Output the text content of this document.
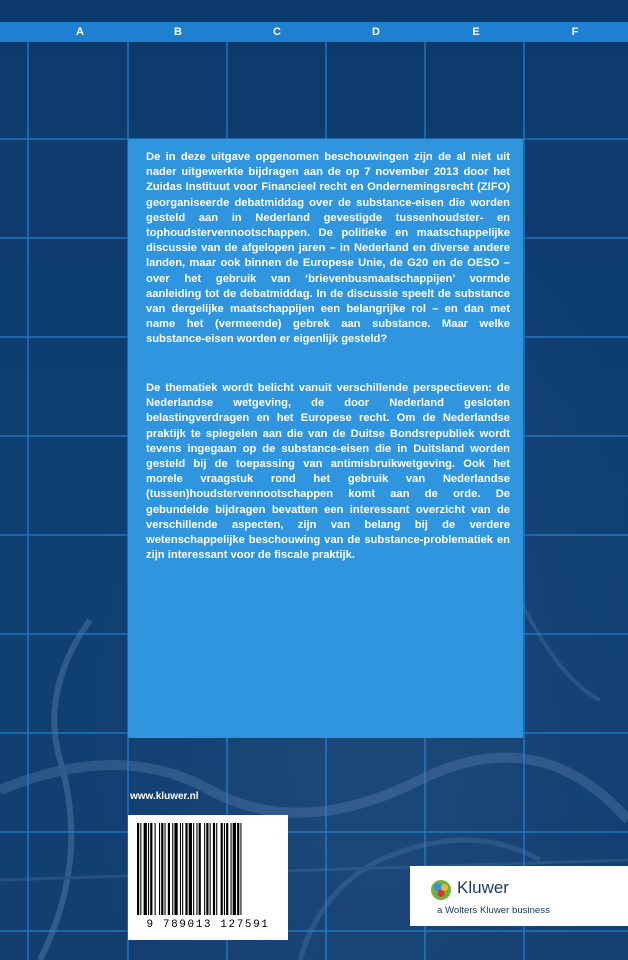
A	B	C	D	E	F

De in deze uitgave opgenomen beschouwingen zijn de al niet uit nader uitgewerkte bijdragen aan de op 7 november 2013 door het Zuidas Instituut voor Financieel recht en Ondernemingsrecht (ZIFO) georganiseerde debatmiddag over de substance-eisen die worden gesteld aan in Nederland gevestigde tussenhoudster- en tophoudstervennootschappen. De politieke en maatschappelijke discussie van de afgelopen jaren – in Nederland en diverse andere landen, maar ook binnen de Europese Unie, de G20 en de OESO – over het gebruik van ‘brievenbusmaatschappijen’ vormde aanleiding tot de debatmiddag. In de discussie speelt de substance van dergelijke maatschappijen een belangrijke rol – en dan met name het (vermeende) gebrek aan substance. Maar welke substance-eisen worden er eigenlijk gesteld?

De thematiek wordt belicht vanuit verschillende perspectieven: de Nederlandse wetgeving, de door Nederland gesloten belastingverdragen en het Europese recht. Om de Nederlandse praktijk te spiegelen aan die van de Duitse Bondsrepubliek wordt tevens ingegaan op de substance-eisen die in Duitsland worden gesteld bij de toepassing van antimisbruikwetgeving. Ook het morele vraagstuk rond het gebruik van Nederlandse (tussen)houdstervennootschappen komt aan de orde. De gebundelde bijdragen bevatten een interessant overzicht van de verschillende aspecten, zijn van belang bij de verdere wetenschappelijke beschouwing van de substance-problematiek en zijn interessant voor de fiscale praktijk.

www.kluwer.nl
9 789013 127591
Kluwer
a Wolters Kluwer business
